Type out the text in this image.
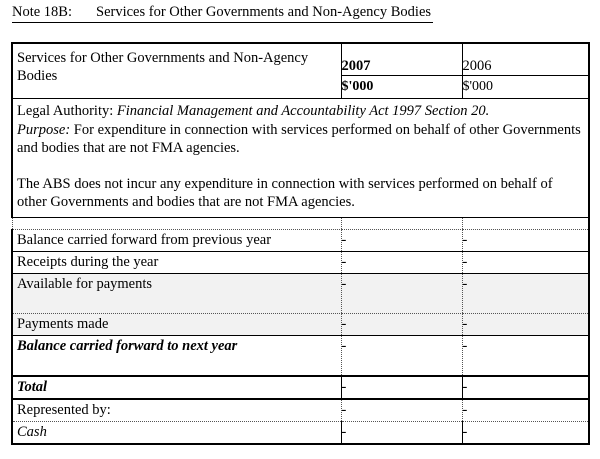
Note 18B: Services for Other Governments and Non-Agency Bodies
Services for Other Governments and Non-Agency Bodies	2007	2006
	$'000	$'000

Legal Authority: Financial Management and Accountability Act 1997 Section 20.

Purpose: For expenditure in connection with services performed on behalf of other Governments and bodies that are not FMA agencies.

The ABS does not incur any expenditure in connection with services performed on behalf of other Governments and bodies that are not FMA agencies.		

Balance carried forward from previous year	-	-
Receipts during the year	-	-
Available for payments	-	-
Payments made	-	-
Balance carried forward to next year	-	-
Total	-	-
Represented by:	-	-
Cash	-	-
